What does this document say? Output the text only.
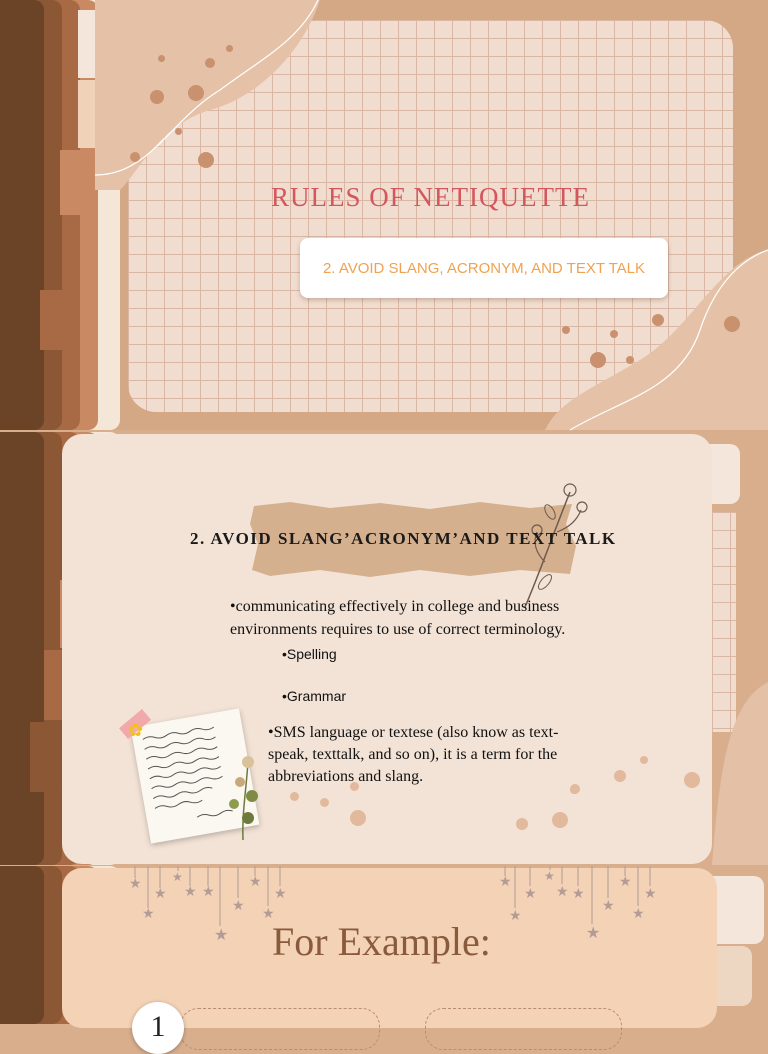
RULES OF NETIQUETTE
2. AVOID SLANG, ACRONYM, AND TEXT TALK
✿
2. AVOID SLANG’ACRONYM’AND TEXT TALK
•communicating effectively in college and business environments requires to use of correct terminology.
•Spelling
•Grammar
•SMS language or textese (also know as text-speak, texttalk, and so on), it is a term for the abbreviations and slang.
★
★
★
★
★ ★
★
★
★
★
★
★
★
★
★
★ ★
★
★
★
★
★
1
For Example:
